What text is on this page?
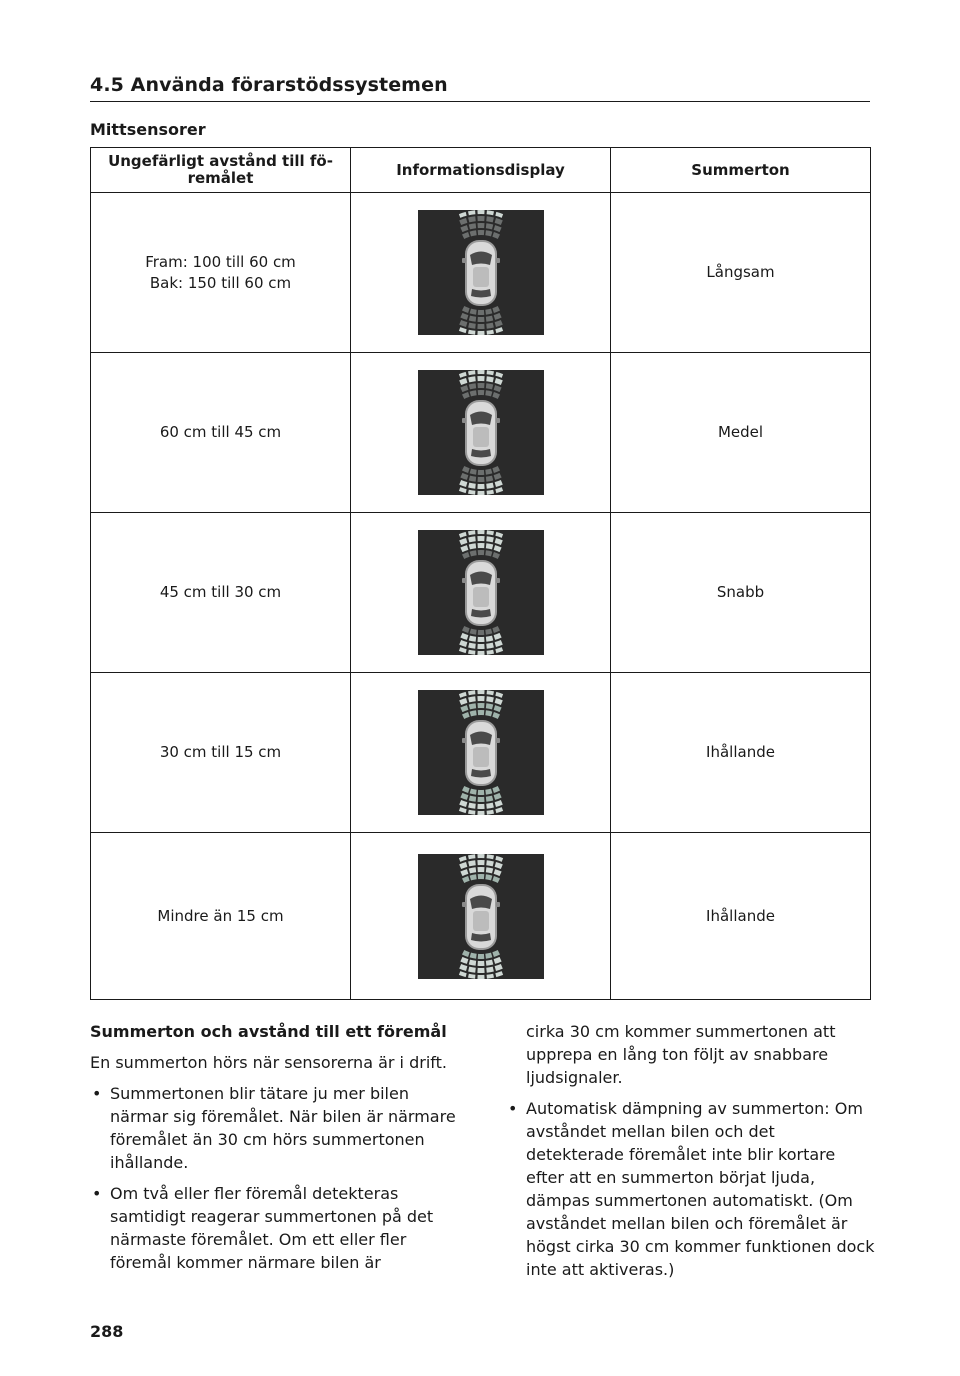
4.5 Använda förarstödssystemen
Mittsensorer
Ungefärligt avstånd till fö-remålet	Informationsdisplay	Summerton

Fram: 100 till 60 cm
Bak: 150 till 60 cm		Långsam

60 cm till 45 cm		Medel

45 cm till 30 cm		Snabb

30 cm till 15 cm		Ihållande

Mindre än 15 cm		Ihållande
Summerton och avstånd till ett föremål

En summerton hörs när sensorerna är i drift.

• Summertonen blir tätare ju mer bilen närmar sig föremålet. När bilen är närmare föremålet än 30 cm hörs summertonen ihållande.
• Om två eller fler föremål detekteras samtidigt reagerar summertonen på det närmaste föremålet. Om ett eller fler föremål kommer närmare bilen är

cirka 30 cm kommer summertonen att upprepa en lång ton följt av snabbare ljudsignaler.

• Automatisk dämpning av summerton: Om avståndet mellan bilen och det detekterade föremålet inte blir kortare efter att en summerton börjat ljuda, dämpas summertonen automatiskt. (Om avståndet mellan bilen och föremålet är högst cirka 30 cm kommer funktionen dock inte att aktiveras.)
288
